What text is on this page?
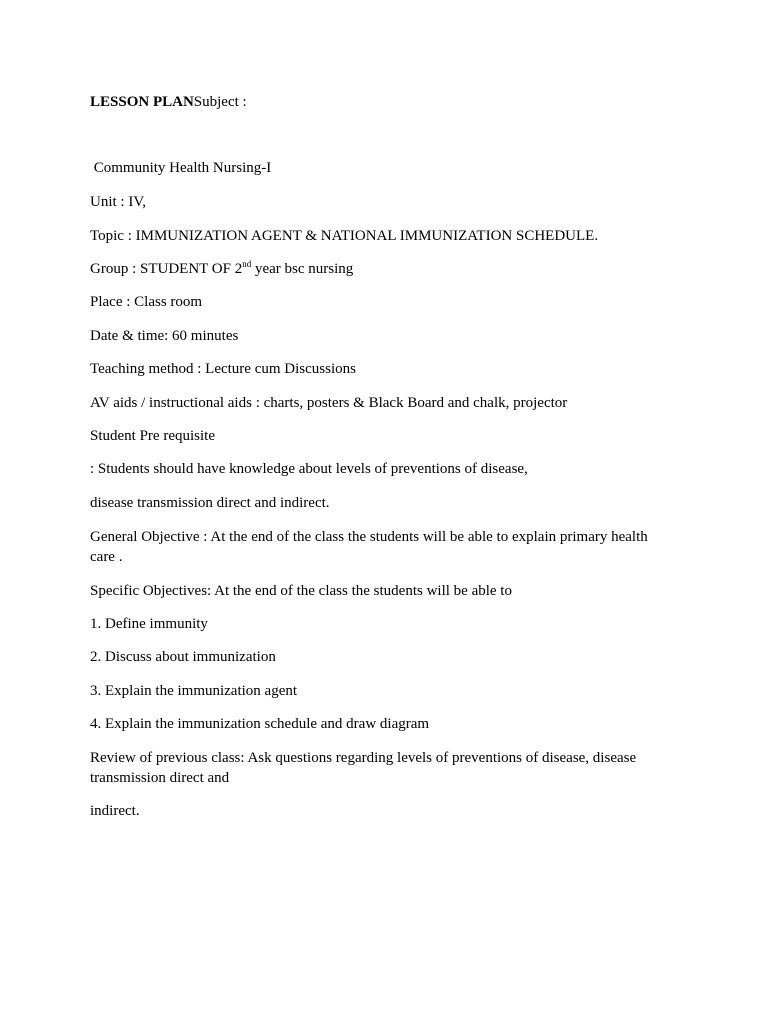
LESSON PLANSubject :
Community Health Nursing-I
Unit : IV,
Topic : IMMUNIZATION AGENT & NATIONAL IMMUNIZATION SCHEDULE.
Group : STUDENT OF 2nd year bsc nursing
Place : Class room
Date & time: 60 minutes
Teaching method : Lecture cum Discussions
AV aids / instructional aids : charts, posters & Black Board and chalk, projector
Student Pre requisite
: Students should have knowledge about levels of preventions of disease,
disease transmission direct and indirect.
General Objective : At the end of the class the students will be able to explain primary health care .
Specific Objectives: At the end of the class the students will be able to
1. Define immunity
2. Discuss about immunization
3. Explain the immunization agent
4. Explain the immunization schedule and draw diagram
Review of previous class: Ask questions regarding levels of preventions of disease, disease transmission direct and
indirect.
